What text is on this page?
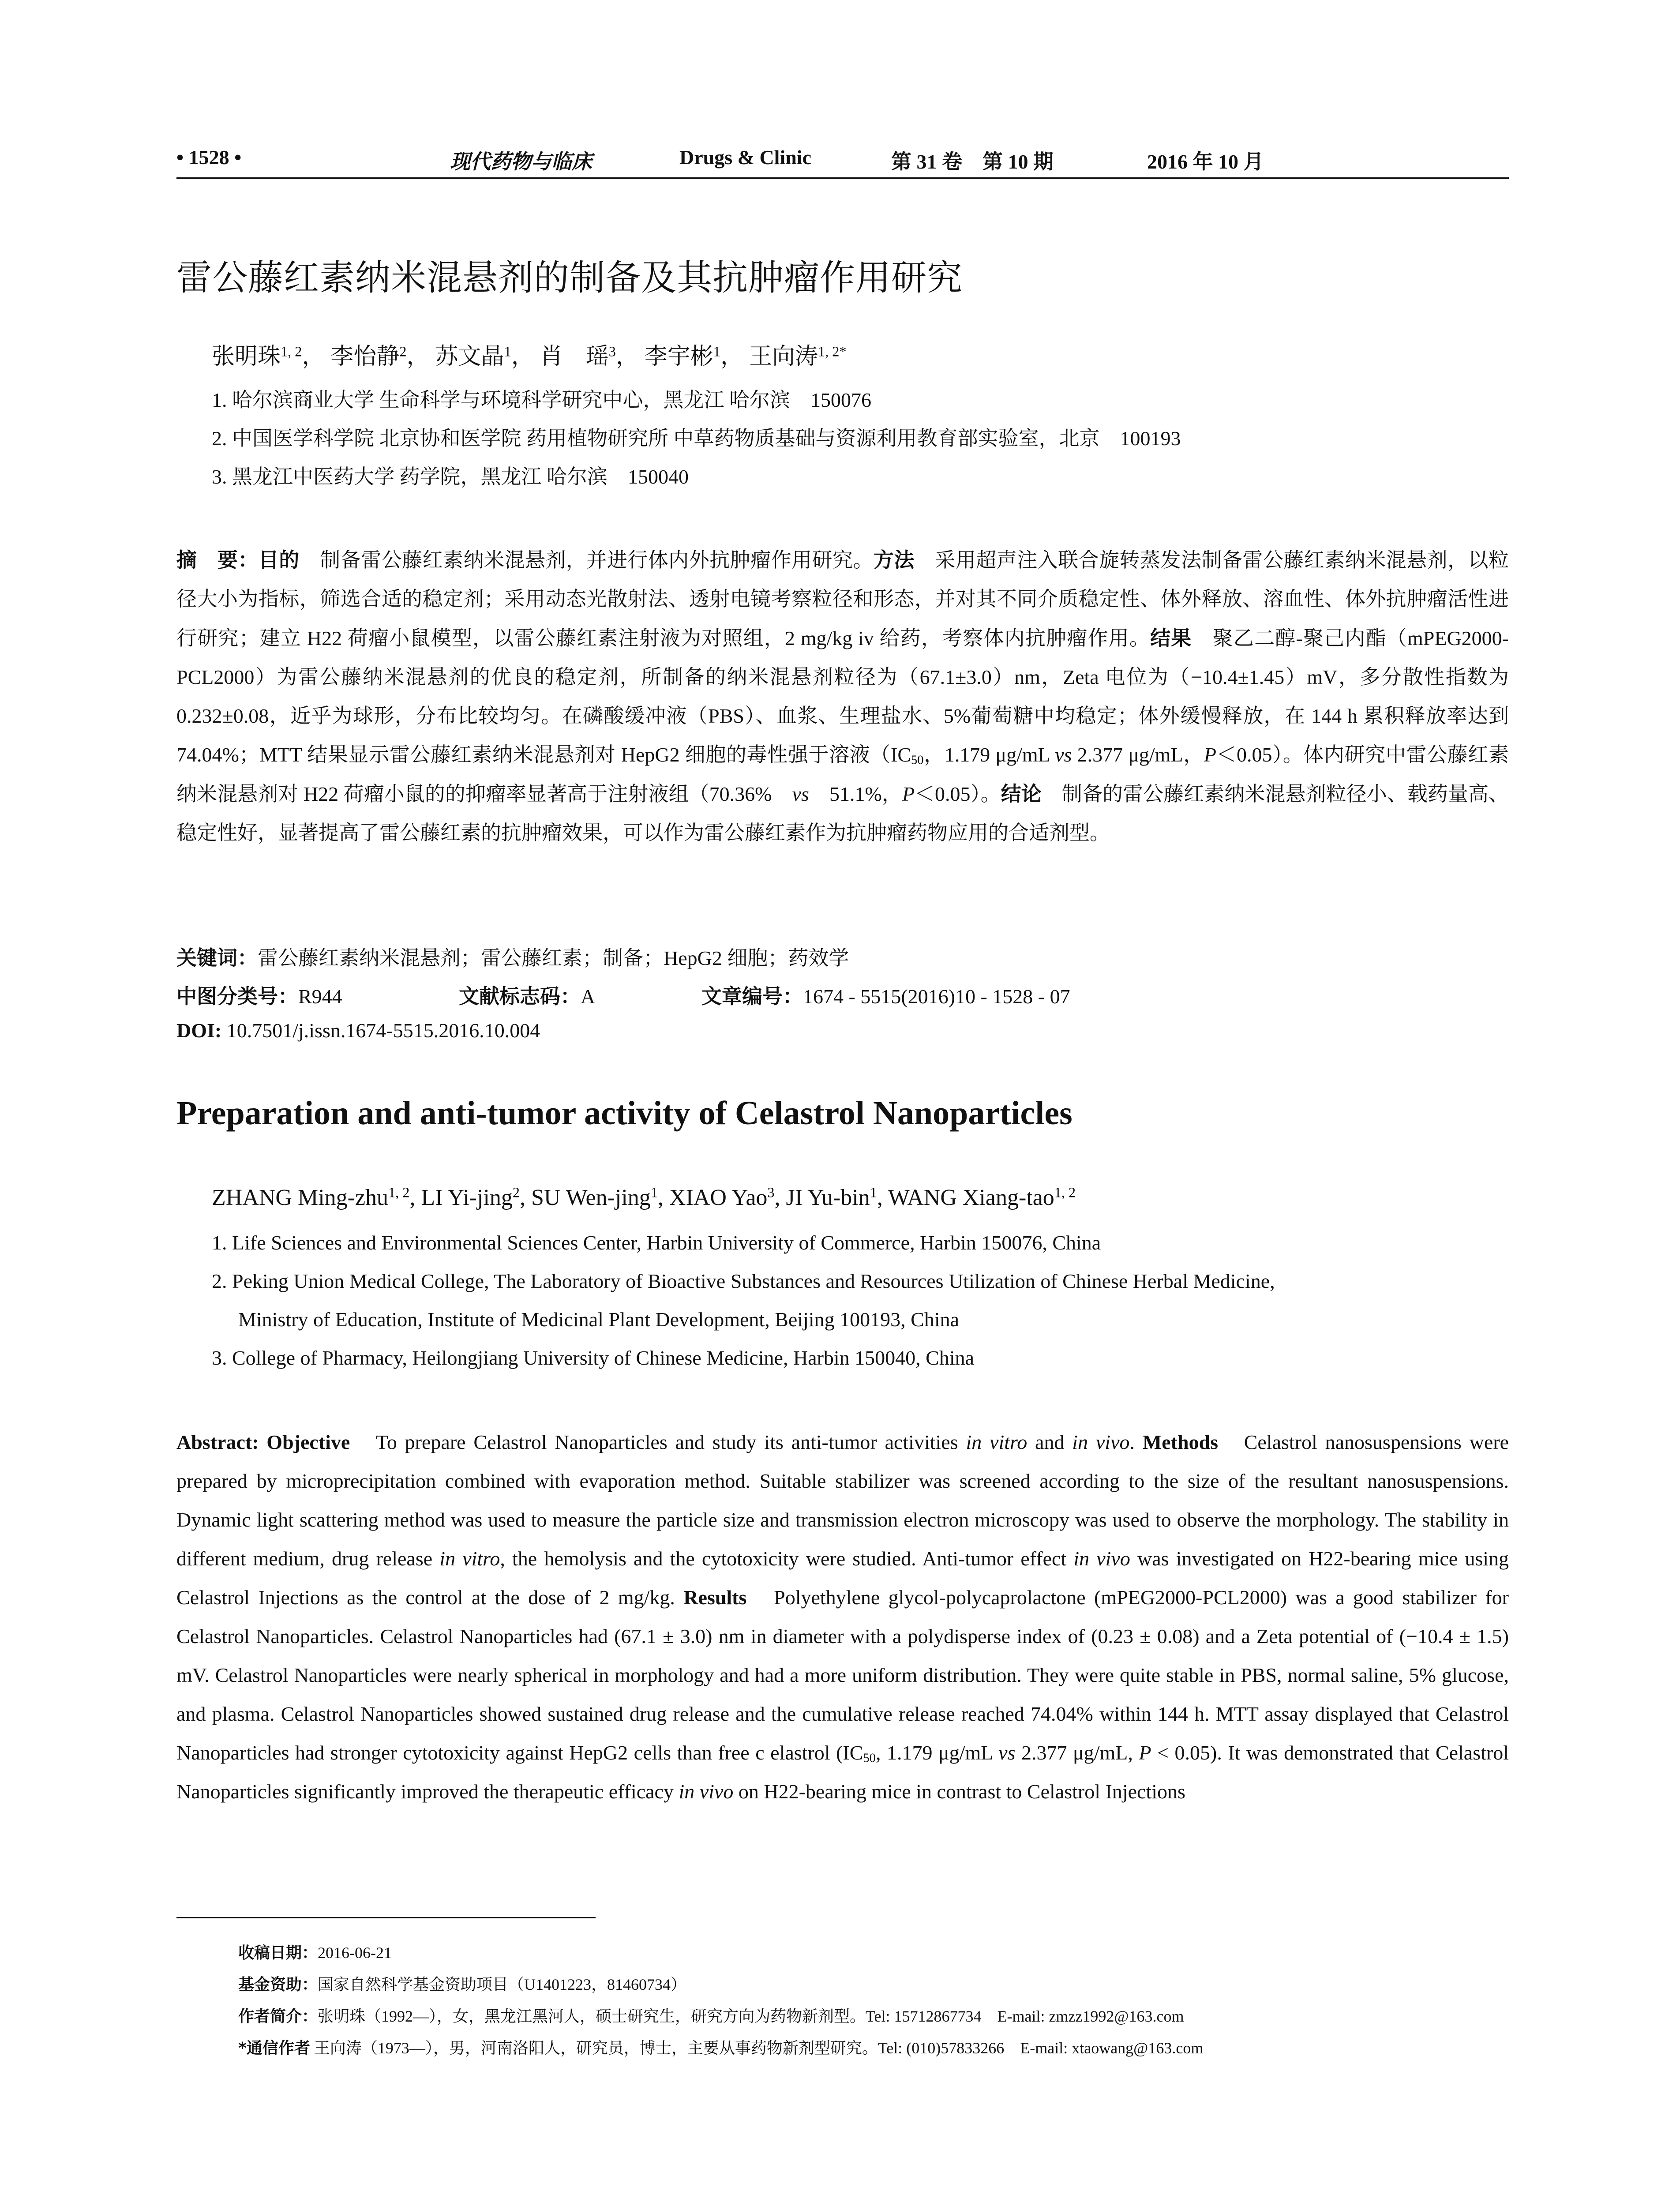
• 1528 •	现代药物与临床	Drugs & Clinic	第 31 卷　第 10 期	2016 年 10 月
雷公藤红素纳米混悬剂的制备及其抗肿瘤作用研究
张明珠$^{1, 2}$， 李怡静$^2$， 苏文晶$^1$， 肖　瑶$^3$， 李宇彬$^1$， 王向涛$^{1, 2*}$
1. 哈尔滨商业大学 生命科学与环境科学研究中心，黑龙江 哈尔滨　150076
2. 中国医学科学院 北京协和医学院 药用植物研究所 中草药物质基础与资源利用教育部实验室，北京　100193
3. 黑龙江中医药大学 药学院，黑龙江 哈尔滨　150040
摘　要：目的　制备雷公藤红素纳米混悬剂，并进行体内外抗肿瘤作用研究。方法　采用超声注入联合旋转蒸发法制备雷公藤红素纳米混悬剂，以粒径大小为指标，筛选合适的稳定剂；采用动态光散射法、透射电镜考察粒径和形态，并对其不同介质稳定性、体外释放、溶血性、体外抗肿瘤活性进行研究；建立 H22 荷瘤小鼠模型，以雷公藤红素注射液为对照组，2 mg/kg iv 给药，考察体内抗肿瘤作用。结果　聚乙二醇-聚己内酯（mPEG2000-PCL2000）为雷公藤纳米混悬剂的优良的稳定剂，所制备的纳米混悬剂粒径为（67.1±3.0）nm，Zeta 电位为（−10.4±1.45）mV，多分散性指数为 0.232±0.08，近乎为球形，分布比较均匀。在磷酸缓冲液（PBS）、血浆、生理盐水、5%葡萄糖中均稳定；体外缓慢释放，在 144 h 累积释放率达到 74.04%；MTT 结果显示雷公藤红素纳米混悬剂对 HepG2 细胞的毒性强于溶液（$IC_{50}$，1.179 μg/mL vs 2.377 μg/mL，P＜0.05）。体内研究中雷公藤红素纳米混悬剂对 H22 荷瘤小鼠的的抑瘤率显著高于注射液组（70.36%　vs　51.1%，P＜0.05）。结论　制备的雷公藤红素纳米混悬剂粒径小、载药量高、稳定性好，显著提高了雷公藤红素的抗肿瘤效果，可以作为雷公藤红素作为抗肿瘤药物应用的合适剂型。
关键词：雷公藤红素纳米混悬剂；雷公藤红素；制备；HepG2 细胞；药效学
中图分类号：R944	文献标志码：A	文章编号：1674 - 5515(2016)10 - 1528 - 07
DOI: 10.7501/j.issn.1674-5515.2016.10.004
Preparation and anti-tumor activity of Celastrol Nanoparticles
ZHANG Ming-zhu$^{1, 2}$, LI Yi-jing$^2$, SU Wen-jing$^1$, XIAO Yao$^3$, JI Yu-bin$^1$, WANG Xiang-tao$^{1, 2}$
1. Life Sciences and Environmental Sciences Center, Harbin University of Commerce, Harbin 150076, China
2. Peking Union Medical College, The Laboratory of Bioactive Substances and Resources Utilization of Chinese Herbal Medicine,
Ministry of Education, Institute of Medicinal Plant Development, Beijing 100193, China
3. College of Pharmacy, Heilongjiang University of Chinese Medicine, Harbin 150040, China
Abstract: Objective　To prepare Celastrol Nanoparticles and study its anti-tumor activities in vitro and in vivo. Methods　Celastrol nanosuspensions were prepared by microprecipitation combined with evaporation method. Suitable stabilizer was screened according to the size of the resultant nanosuspensions. Dynamic light scattering method was used to measure the particle size and transmission electron microscopy was used to observe the morphology. The stability in different medium, drug release in vitro, the hemolysis and the cytotoxicity were studied. Anti-tumor effect in vivo was investigated on H22-bearing mice using Celastrol Injections as the control at the dose of 2 mg/kg. Results　Polyethylene glycol-polycaprolactone (mPEG2000-PCL2000) was a good stabilizer for Celastrol Nanoparticles. Celastrol Nanoparticles had (67.1 ± 3.0) nm in diameter with a polydisperse index of (0.23 ± 0.08) and a Zeta potential of (−10.4 ± 1.5) mV. Celastrol Nanoparticles were nearly spherical in morphology and had a more uniform distribution. They were quite stable in PBS, normal saline, 5% glucose, and plasma. Celastrol Nanoparticles showed sustained drug release and the cumulative release reached 74.04% within 144 h. MTT assay displayed that Celastrol Nanoparticles had stronger cytotoxicity against HepG2 cells than free c elastrol ($IC_{50}$, 1.179 μg/mL vs 2.377 μg/mL, P < 0.05). It was demonstrated that Celastrol Nanoparticles significantly improved the therapeutic efficacy in vivo on H22-bearing mice in contrast to Celastrol Injections
收稿日期：2016-06-21
基金资助：国家自然科学基金资助项目（U1401223，81460734）
作者简介：张明珠（1992—），女，黑龙江黑河人，硕士研究生，研究方向为药物新剂型。Tel: 15712867734　E-mail: zmzz1992@163.com
*通信作者 王向涛（1973—），男，河南洛阳人，研究员，博士，主要从事药物新剂型研究。Tel: (010)57833266　E-mail: xtaowang@163.com
